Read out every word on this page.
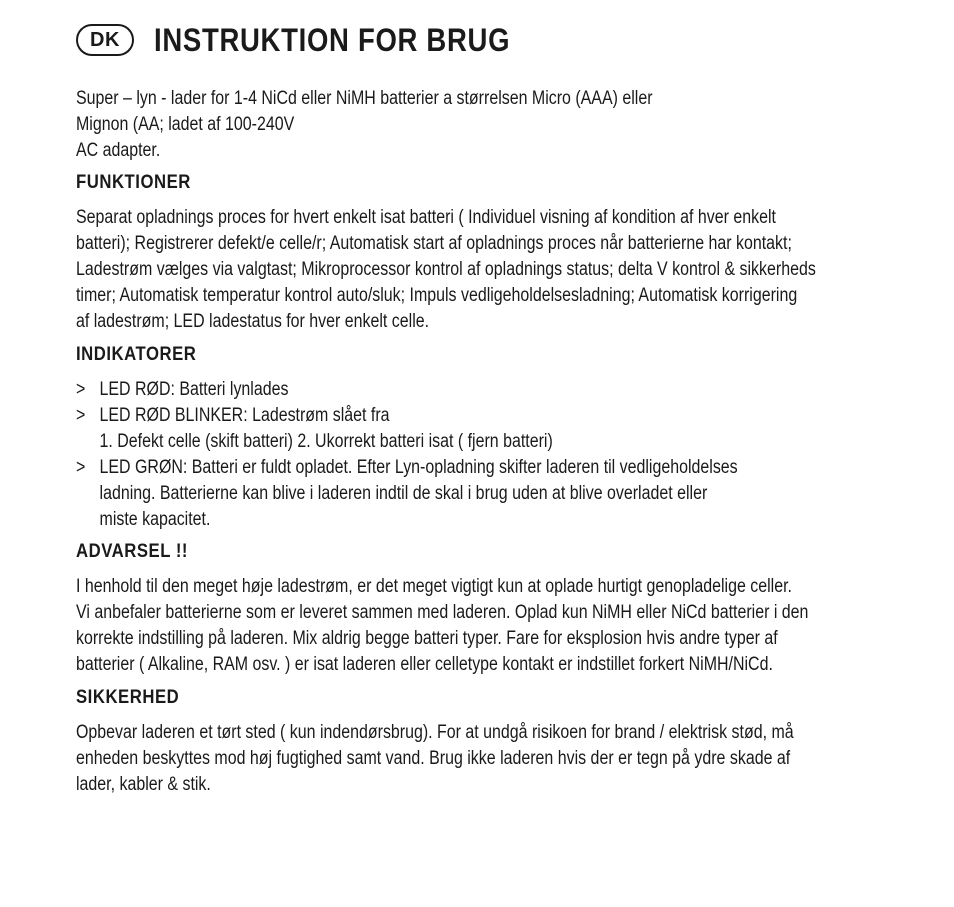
DK	INSTRUKTION FOR BRUG

Super – lyn - lader for 1-4 NiCd eller NiMH batterier a størrelsen Micro (AAA) eller
Mignon (AA; ladet af 100-240V
AC adapter.

FUNKTIONER

Separat opladnings proces for hvert enkelt isat batteri ( Individuel visning af kondition af hver enkelt
batteri); Registrerer defekt/e celle/r; Automatisk start af opladnings proces når batterierne har kontakt;
Ladestrøm vælges via valgtast; Mikroprocessor kontrol af opladnings status; delta V kontrol & sikkerheds
timer; Automatisk temperatur kontrol auto/sluk; Impuls vedligeholdelsesladning; Automatisk korrigering
af ladestrøm; LED ladestatus for hver enkelt celle.

INDIKATORER
> LED RØD: Batteri lynlades
> LED RØD BLINKER: Ladestrøm slået fra
1. Defekt celle (skift batteri) 2. Ukorrekt batteri isat ( fjern batteri)
> LED GRØN: Batteri er fuldt opladet. Efter Lyn-opladning skifter laderen til vedligeholdelses
ladning. Batterierne kan blive i laderen indtil de skal i brug uden at blive overladet eller
miste kapacitet.
ADVARSEL !!

I henhold til den meget høje ladestrøm, er det meget vigtigt kun at oplade hurtigt genopladelige celler.
Vi anbefaler batterierne som er leveret sammen med laderen. Oplad kun NiMH eller NiCd batterier i den
korrekte indstilling på laderen. Mix aldrig begge batteri typer. Fare for eksplosion hvis andre typer af
batterier ( Alkaline, RAM osv. ) er isat laderen eller celletype kontakt er indstillet forkert NiMH/NiCd.

SIKKERHED

Opbevar laderen et tørt sted ( kun indendørsbrug). For at undgå risikoen for brand / elektrisk stød, må
enheden beskyttes mod høj fugtighed samt vand. Brug ikke laderen hvis der er tegn på ydre skade af
lader, kabler & stik.
